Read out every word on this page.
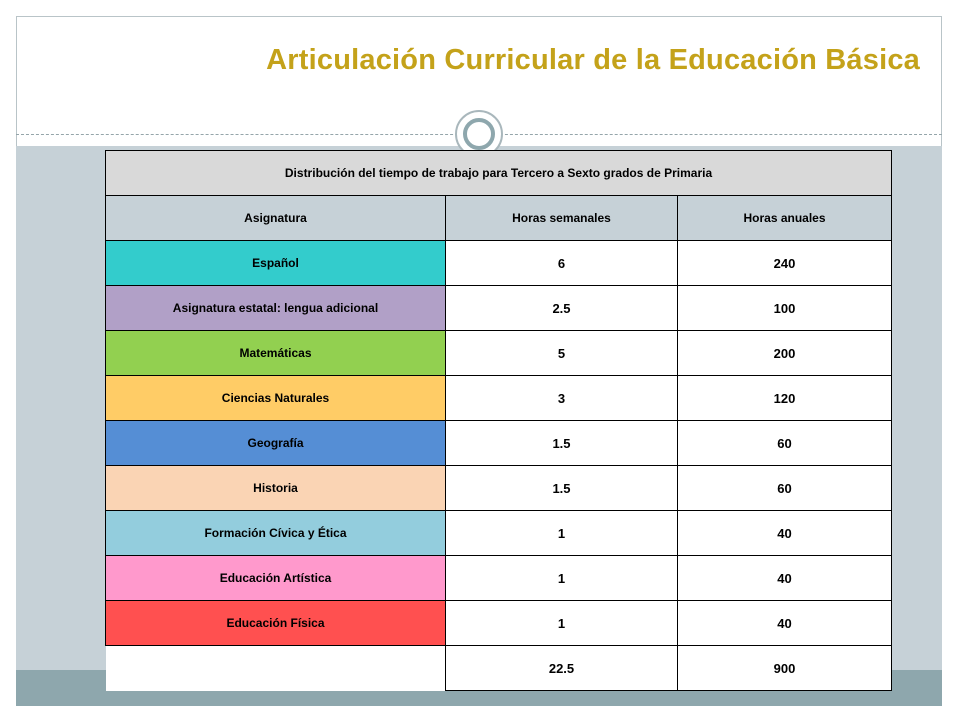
Articulación Curricular de la Educación Básica
Distribución del tiempo de trabajo para Tercero a Sexto grados de Primaria		
Asignatura	Horas semanales	Horas anuales
Español	6	240
Asignatura estatal: lengua adicional	2.5	100
Matemáticas	5	200
Ciencias Naturales	3	120
Geografía	1.5	60
Historia	1.5	60
Formación Cívica y Ética	1	40
Educación Artística	1	40
Educación Física	1	40
	22.5	900
